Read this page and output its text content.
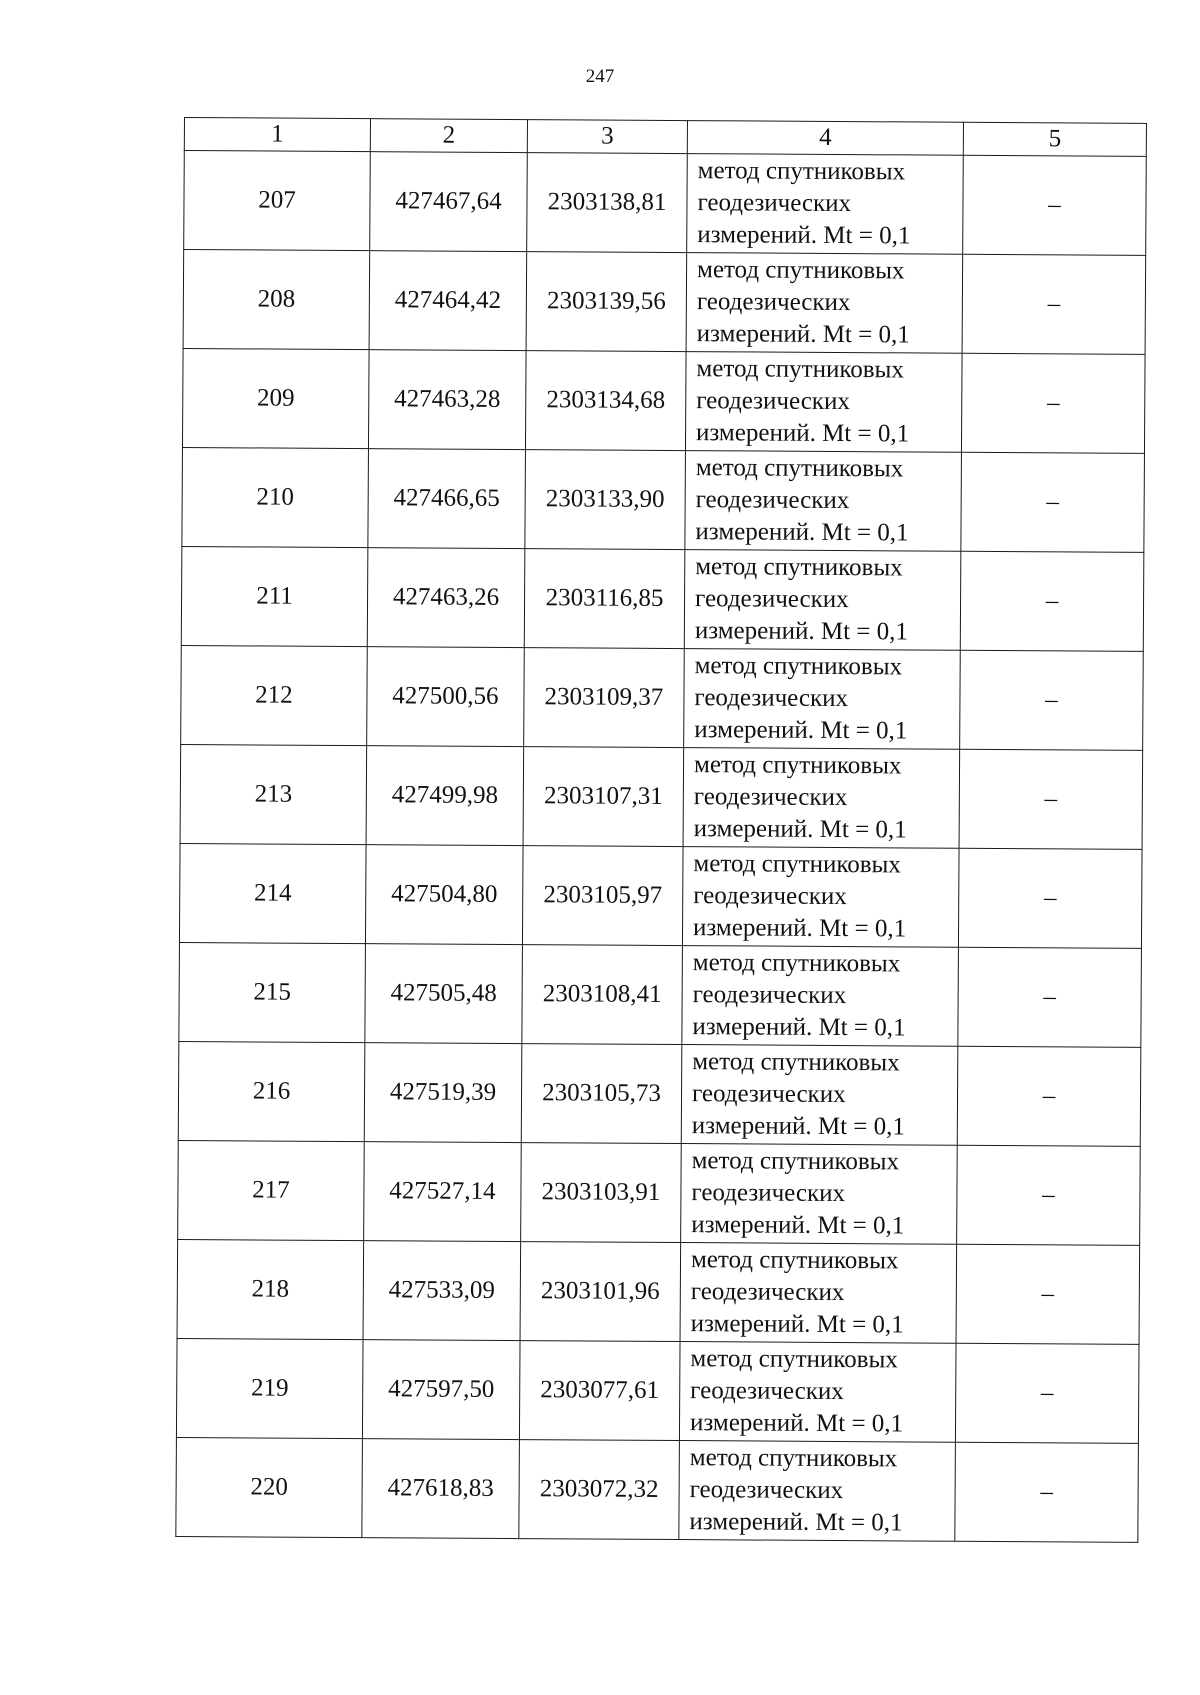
247
1	2	3	4	5
207	427467,64	2303138,81	метод спутниковых
геодезических
измерений. Mt = 0,1	–
208	427464,42	2303139,56	метод спутниковых
геодезических
измерений. Mt = 0,1	–
209	427463,28	2303134,68	метод спутниковых
геодезических
измерений. Mt = 0,1	–
210	427466,65	2303133,90	метод спутниковых
геодезических
измерений. Mt = 0,1	–
211	427463,26	2303116,85	метод спутниковых
геодезических
измерений. Mt = 0,1	–
212	427500,56	2303109,37	метод спутниковых
геодезических
измерений. Mt = 0,1	–
213	427499,98	2303107,31	метод спутниковых
геодезических
измерений. Mt = 0,1	–
214	427504,80	2303105,97	метод спутниковых
геодезических
измерений. Mt = 0,1	–
215	427505,48	2303108,41	метод спутниковых
геодезических
измерений. Mt = 0,1	–
216	427519,39	2303105,73	метод спутниковых
геодезических
измерений. Mt = 0,1	–
217	427527,14	2303103,91	метод спутниковых
геодезических
измерений. Mt = 0,1	–
218	427533,09	2303101,96	метод спутниковых
геодезических
измерений. Mt = 0,1	–
219	427597,50	2303077,61	метод спутниковых
геодезических
измерений. Mt = 0,1	–
220	427618,83	2303072,32	метод спутниковых
геодезических
измерений. Mt = 0,1	–
